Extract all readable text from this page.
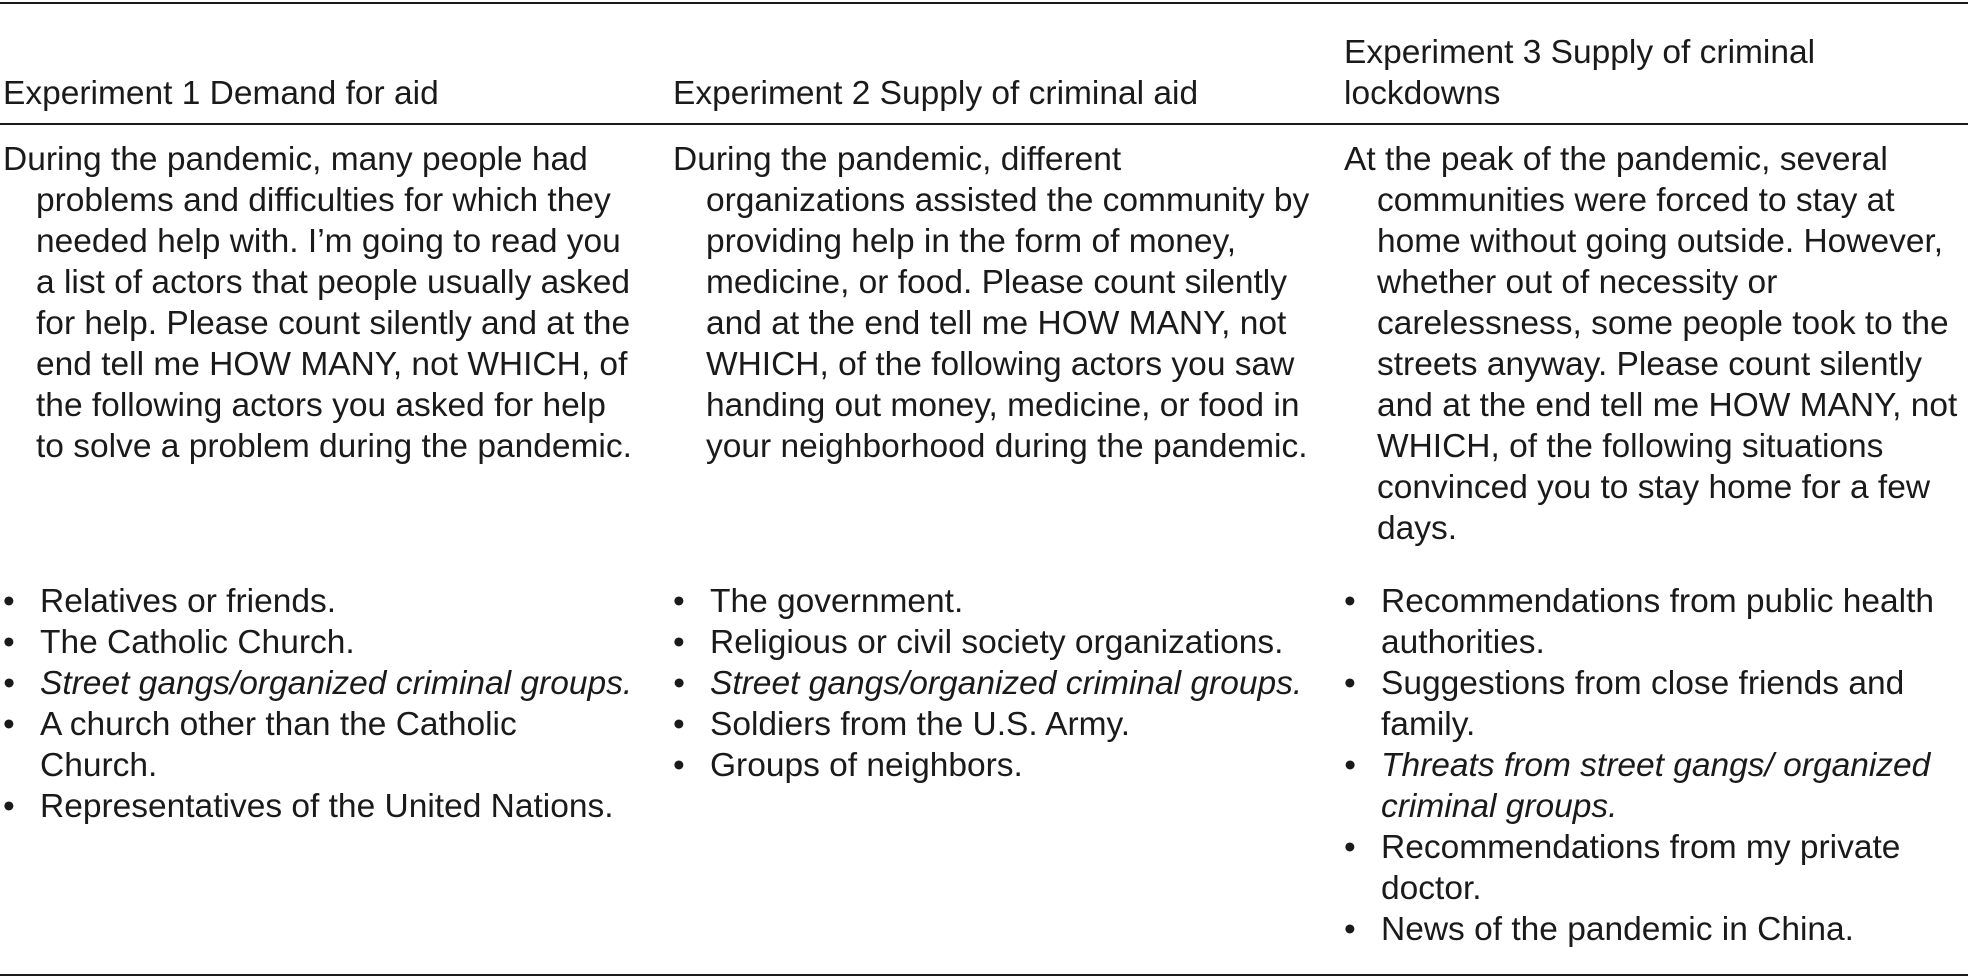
Experiment 1 Demand for aid
During the pandemic, many people had problems and difficulties for which they needed help with. I’m going to read you a list of actors that people usually asked for help. Please count silently and at the end tell me HOW MANY, not WHICH, of the following actors you asked for help to solve a problem during the pandemic.
• Relatives or friends.
• The Catholic Church.
• Street gangs/organized criminal groups.
• A church other than the Catholic Church.
• Representatives of the United Nations.
Experiment 2 Supply of criminal aid
During the pandemic, different organizations assisted the community by providing help in the form of money, medicine, or food. Please count silently and at the end tell me HOW MANY, not WHICH, of the following actors you saw handing out money, medicine, or food in your neighborhood during the pandemic.
• The government.
• Religious or civil society organizations.
• Street gangs/organized criminal groups.
• Soldiers from the U.S. Army.
• Groups of neighbors.
Experiment 3 Supply of criminal lockdowns
At the peak of the pandemic, several communities were forced to stay at home without going outside. However, whether out of necessity or carelessness, some people took to the streets anyway. Please count silently and at the end tell me HOW MANY, not WHICH, of the following situations convinced you to stay home for a few days.
• Recommendations from public health authorities.
• Suggestions from close friends and family.
• Threats from street gangs/ organized criminal groups.
• Recommendations from my private doctor.
• News of the pandemic in China.
